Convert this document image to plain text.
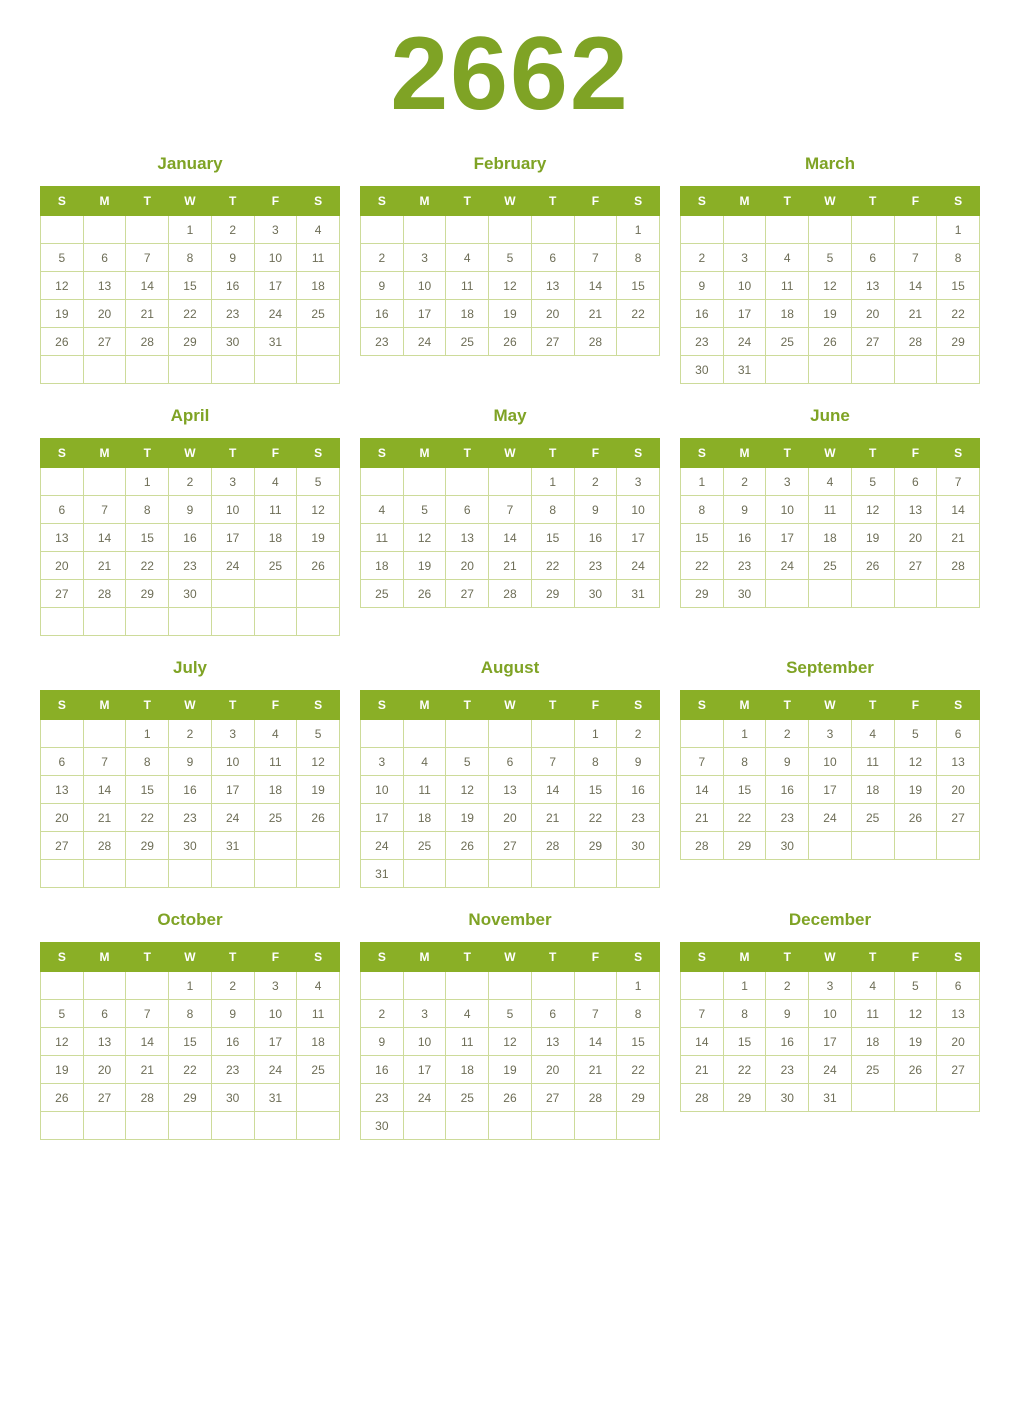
2662
January
S	M	T	W	T	F	S
			1	2	3	4
5	6	7	8	9	10	11
12	13	14	15	16	17	18
19	20	21	22	23	24	25
26	27	28	29	30	31	

February
S	M	T	W	T	F	S
						1
2	3	4	5	6	7	8
9	10	11	12	13	14	15
16	17	18	19	20	21	22
23	24	25	26	27	28	
March
S	M	T	W	T	F	S
						1
2	3	4	5	6	7	8
9	10	11	12	13	14	15
16	17	18	19	20	21	22
23	24	25	26	27	28	29
30	31					
April
S	M	T	W	T	F	S
		1	2	3	4	5
6	7	8	9	10	11	12
13	14	15	16	17	18	19
20	21	22	23	24	25	26
27	28	29	30			

May
S	M	T	W	T	F	S
				1	2	3
4	5	6	7	8	9	10
11	12	13	14	15	16	17
18	19	20	21	22	23	24
25	26	27	28	29	30	31
June
S	M	T	W	T	F	S
1	2	3	4	5	6	7
8	9	10	11	12	13	14
15	16	17	18	19	20	21
22	23	24	25	26	27	28
29	30					
July
S	M	T	W	T	F	S
		1	2	3	4	5
6	7	8	9	10	11	12
13	14	15	16	17	18	19
20	21	22	23	24	25	26
27	28	29	30	31		

August
S	M	T	W	T	F	S
					1	2
3	4	5	6	7	8	9
10	11	12	13	14	15	16
17	18	19	20	21	22	23
24	25	26	27	28	29	30
31						
September
S	M	T	W	T	F	S
	1	2	3	4	5	6
7	8	9	10	11	12	13
14	15	16	17	18	19	20
21	22	23	24	25	26	27
28	29	30				
October
S	M	T	W	T	F	S
			1	2	3	4
5	6	7	8	9	10	11
12	13	14	15	16	17	18
19	20	21	22	23	24	25
26	27	28	29	30	31	

November
S	M	T	W	T	F	S
						1
2	3	4	5	6	7	8
9	10	11	12	13	14	15
16	17	18	19	20	21	22
23	24	25	26	27	28	29
30						
December
S	M	T	W	T	F	S
	1	2	3	4	5	6
7	8	9	10	11	12	13
14	15	16	17	18	19	20
21	22	23	24	25	26	27
28	29	30	31			
